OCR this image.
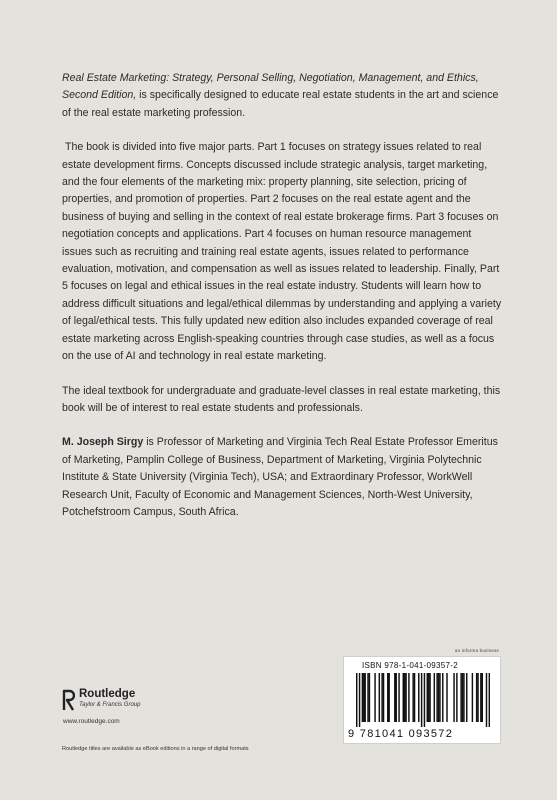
Real Estate Marketing: Strategy, Personal Selling, Negotiation, Management, and Ethics, Second Edition, is specifically designed to educate real estate students in the art and science of the real estate marketing profession.

The book is divided into five major parts. Part 1 focuses on strategy issues related to real estate development firms. Concepts discussed include strategic analysis, target marketing, and the four elements of the marketing mix: property planning, site selection, pricing of properties, and promotion of properties. Part 2 focuses on the real estate agent and the business of buying and selling in the context of real estate brokerage firms. Part 3 focuses on negotiation concepts and applications. Part 4 focuses on human resource management issues such as recruiting and training real estate agents, issues related to performance evaluation, motivation, and compensation as well as issues related to leadership. Finally, Part 5 focuses on legal and ethical issues in the real estate industry. Students will learn how to address difficult situations and legal/ethical dilemmas by understanding and applying a variety of legal/ethical tests. This fully updated new edition also includes expanded coverage of real estate marketing across English-speaking countries through case studies, as well as a focus on the use of AI and technology in real estate marketing.

The ideal textbook for undergraduate and graduate-level classes in real estate marketing, this book will be of interest to real estate students and professionals.

M. Joseph Sirgy is Professor of Marketing and Virginia Tech Real Estate Professor Emeritus of Marketing, Pamplin College of Business, Department of Marketing, Virginia Polytechnic Institute & State University (Virginia Tech), USA; and Extraordinary Professor, WorkWell Research Unit, Faculty of Economic and Management Sciences, North-West University, Potchefstroom Campus, South Africa.

an informa business
ISBN 978-1-041-09357-2
9 781041 093572
Routledge
Taylor & Francis Group
www.routledge.com
Routledge titles are available as eBook editions in a range of digital formats
